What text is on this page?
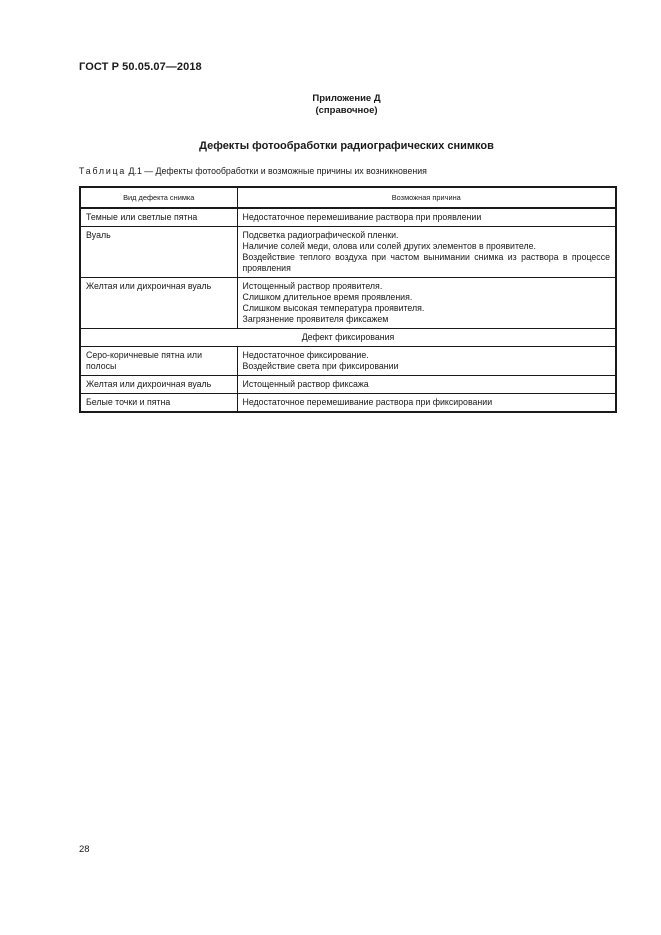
ГОСТ Р 50.05.07—2018
Приложение Д
(справочное)
Дефекты фотообработки радиографических снимков
Таблица Д.1 — Дефекты фотообработки и возможные причины их возникновения
Вид дефекта снимка	Возможная причина
Темные или светлые пятна	Недостаточное перемешивание раствора при проявлении

Вуаль	Подсветка радиографической пленки.
Наличие солей меди, олова или солей других элементов в проявителе.
Воздействие теплого воздуха при частом вынимании снимка из раствора в процессе проявления

Желтая или дихроичная вуаль	Истощенный раствор проявителя.
Слишком длительное время проявления.
Слишком высокая температура проявителя.
Загрязнение проявителя фиксажем

Дефект фиксирования	
Серо-коричневые пятна или полосы	Недостаточное фиксирование.
Воздействие света при фиксировании

Желтая или дихроичная вуаль	Истощенный раствор фиксажа

Белые точки и пятна	Недостаточное перемешивание раствора при фиксировании
28
